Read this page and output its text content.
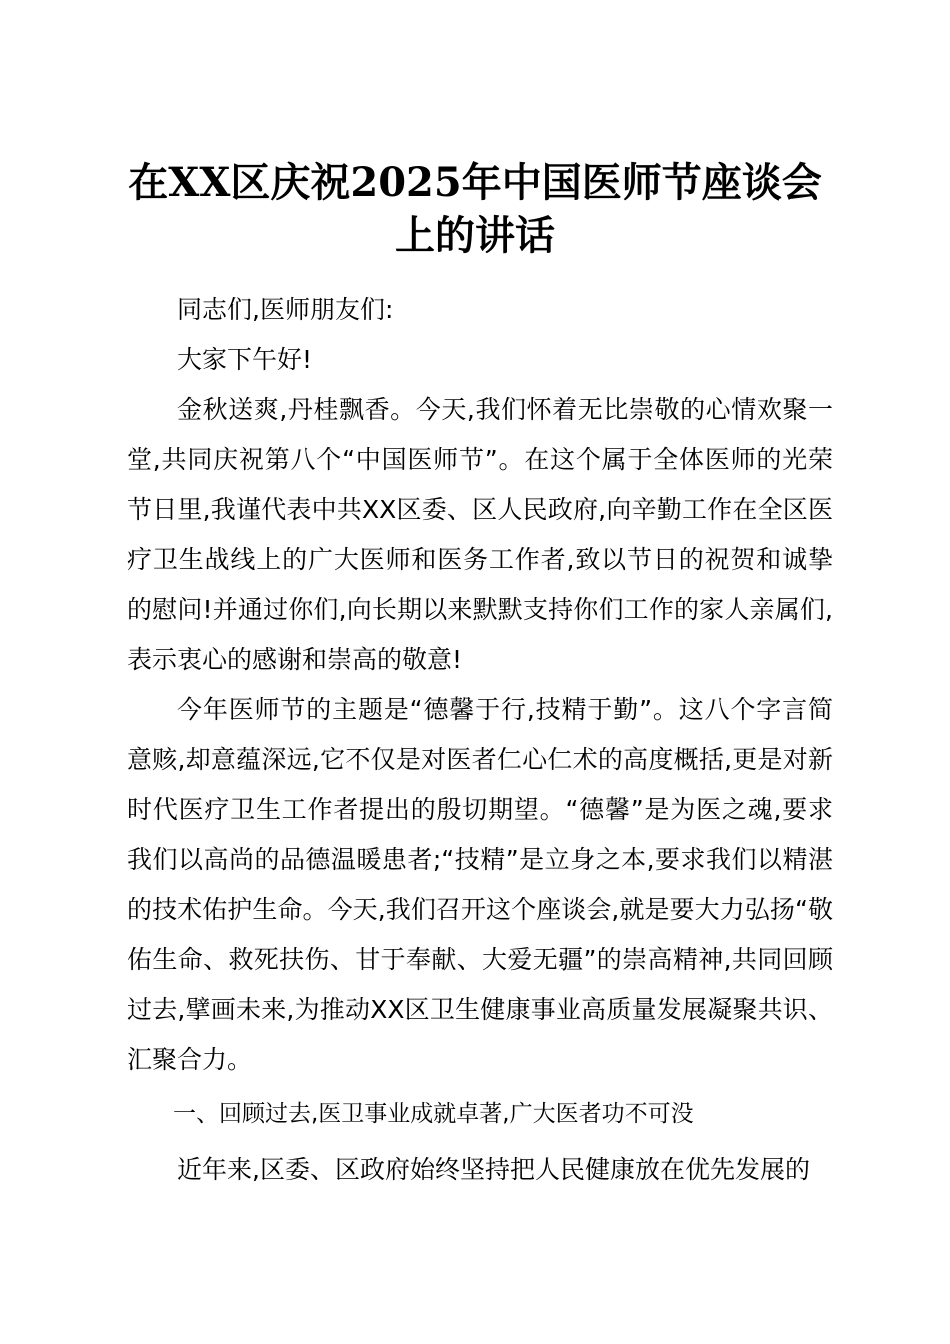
在XX区庆祝2025年中国医师节座谈会上的讲话

同志们,医师朋友们:

大家下午好!

金秋送爽,丹桂飘香。今天,我们怀着无比崇敬的心情欢聚一堂,共同庆祝第八个“中国医师节”。在这个属于全体医师的光荣节日里,我谨代表中共XX区委、区人民政府,向辛勤工作在全区医疗卫生战线上的广大医师和医务工作者,致以节日的祝贺和诚挚的慰问!并通过你们,向长期以来默默支持你们工作的家人亲属们,表示衷心的感谢和崇高的敬意!

今年医师节的主题是“德馨于行,技精于勤”。这八个字言简意赅,却意蕴深远,它不仅是对医者仁心仁术的高度概括,更是对新时代医疗卫生工作者提出的殷切期望。“德馨”是为医之魂,要求我们以高尚的品德温暖患者;“技精”是立身之本,要求我们以精湛的技术佑护生命。今天,我们召开这个座谈会,就是要大力弘扬“敬佑生命、救死扶伤、甘于奉献、大爱无疆”的崇高精神,共同回顾过去,擘画未来,为推动XX区卫生健康事业高质量发展凝聚共识、汇聚合力。

一、回顾过去,医卫事业成就卓著,广大医者功不可没

近年来,区委、区政府始终坚持把人民健康放在优先发展的
